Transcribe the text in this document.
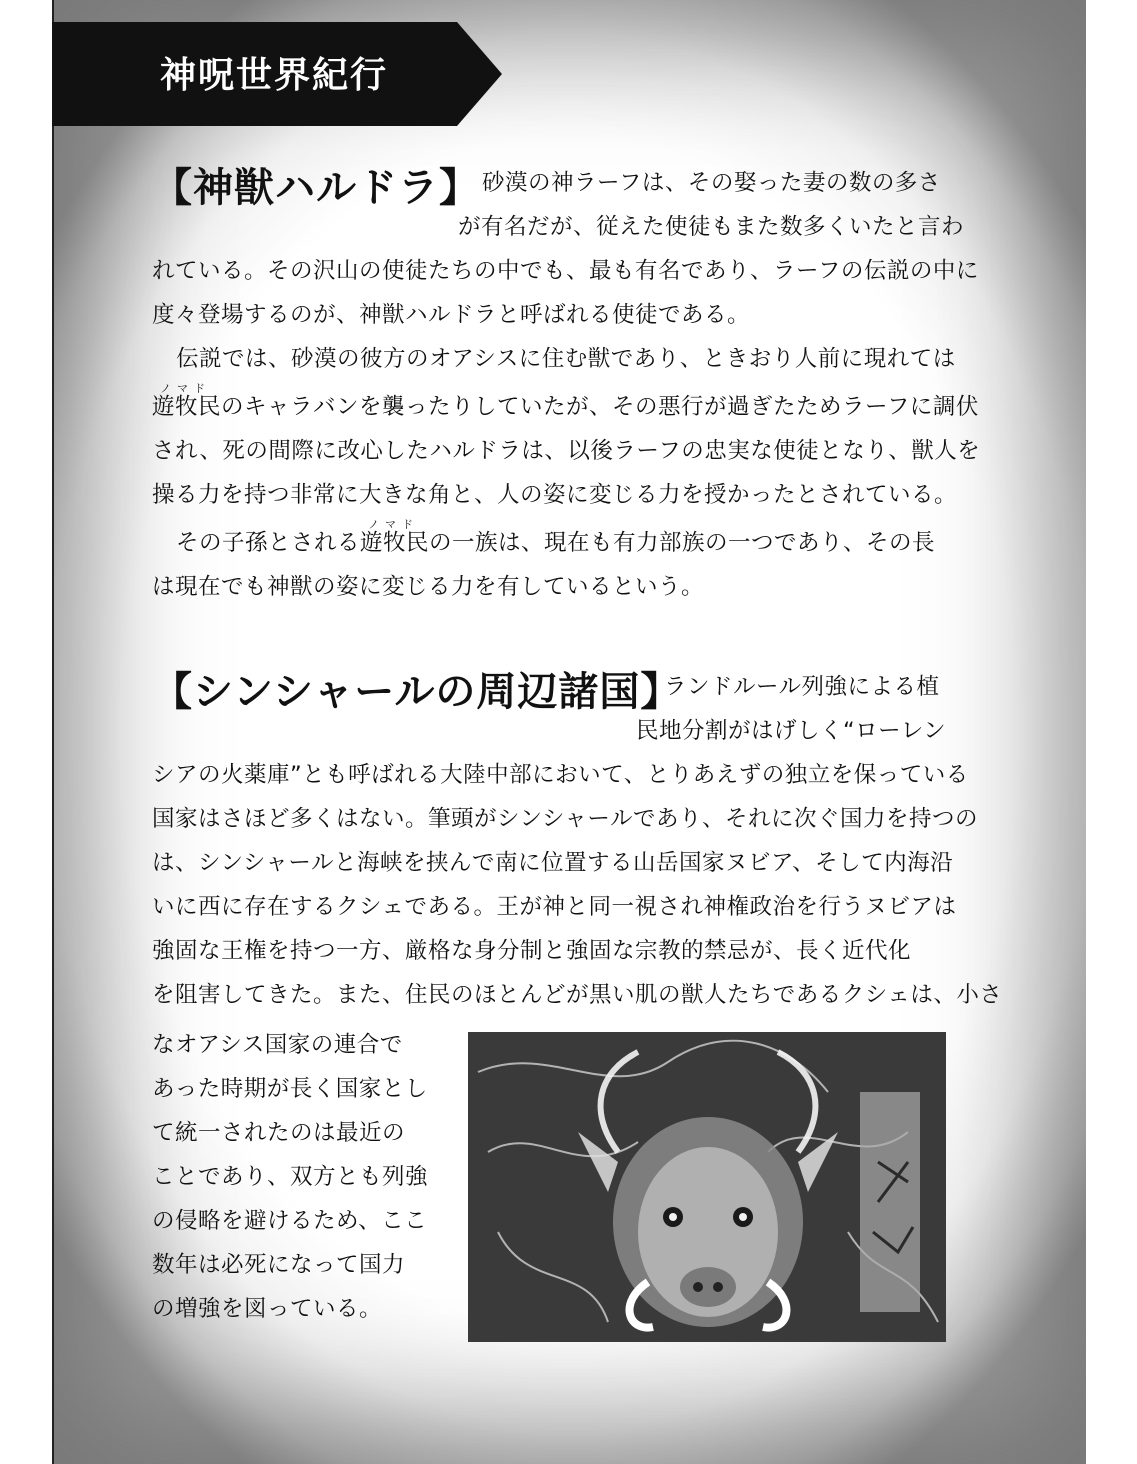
神呪世界紀行
【神獣ハルドラ】 砂漠の神ラーフは、その娶った妻の数の多さ
が有名だが、従えた使徒もまた数多くいたと言わ
れている。その沢山の使徒たちの中でも、最も有名であり、ラーフの伝説の中に
度々登場するのが、神獣ハルドラと呼ばれる使徒である。
伝説では、砂漠の彼方のオアシスに住む獣であり、ときおり人前に現れては
ノマド
遊牧民のキャラバンを襲ったりしていたが、その悪行が過ぎたためラーフに調伏
され、死の間際に改心したハルドラは、以後ラーフの忠実な使徒となり、獣人を
操る力を持つ非常に大きな角と、人の姿に変じる力を授かったとされている。
ノマド
その子孫とされる遊牧民の一族は、現在も有力部族の一つであり、その長
は現在でも神獣の姿に変じる力を有しているという。
【シンシャールの周辺諸国】
ランドルール列強による植
民地分割がはげしく“ローレン
シアの火薬庫”とも呼ばれる大陸中部において、とりあえずの独立を保っている
国家はさほど多くはない。筆頭がシンシャールであり、それに次ぐ国力を持つの
は、シンシャールと海峡を挟んで南に位置する山岳国家ヌビア、そして内海沿
いに西に存在するクシェである。王が神と同一視され神権政治を行うヌビアは
強固な王権を持つ一方、厳格な身分制と強固な宗教的禁忌が、長く近代化
を阻害してきた。また、住民のほとんどが黒い肌の獣人たちであるクシェは、小さ
なオアシス国家の連合で
あった時期が長く国家とし
て統一されたのは最近の
ことであり、双方とも列強
の侵略を避けるため、ここ
数年は必死になって国力
の増強を図っている。
